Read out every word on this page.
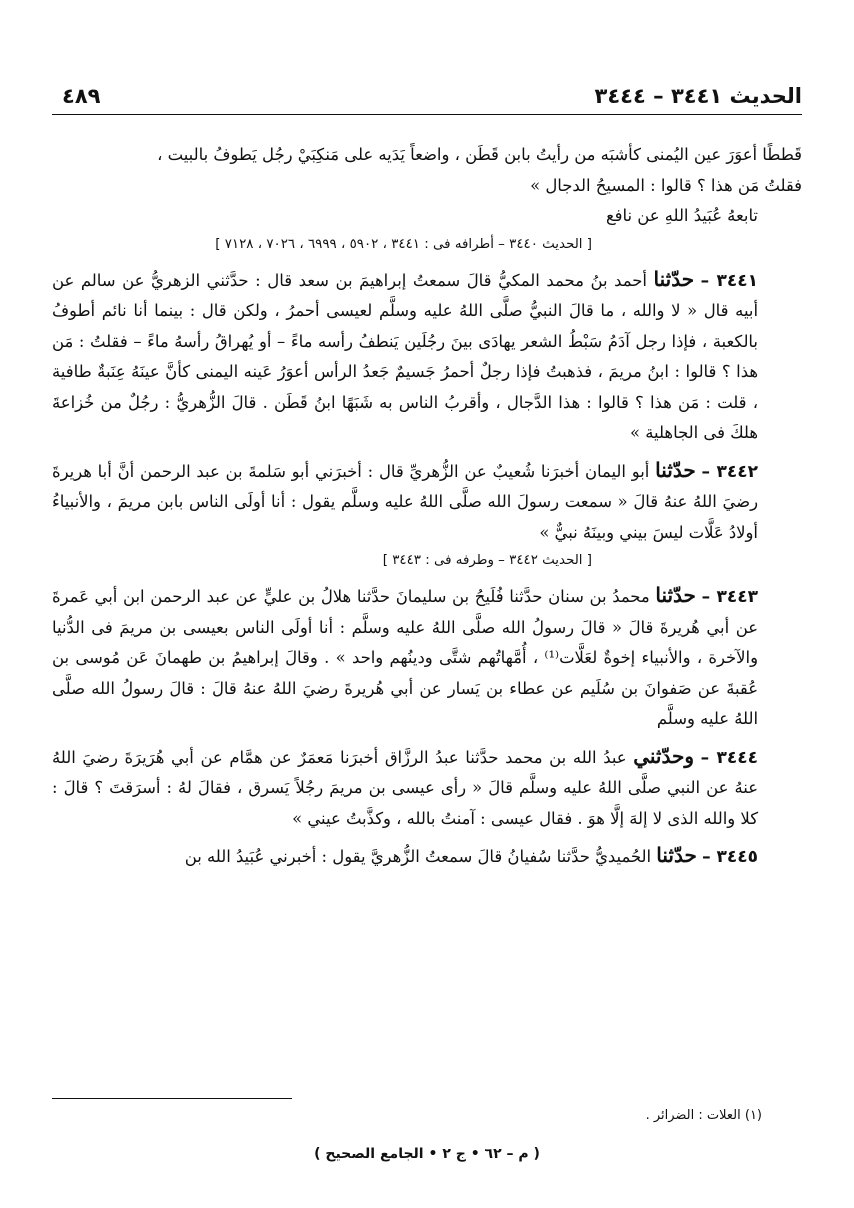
الحديث ٣٤٤١ – ٣٤٤٤
٤٨٩

قَططًا أعوَرَ عين اليُمنى كأشبَه من رأيتُ بابن قَطَن ، واضعاً يَدَيه على مَنكِبَيْ رجُل يَطوفُ بالبيت ،

فقلتُ مَن هذا ؟ قالوا : المسيحُ الدجال »

تابعهُ عُبَيدُ اللهِ عن نافع

[ الحديث ٣٤٤٠ – أطرافه فى : ٣٤٤١ ، ٥٩٠٢ ، ٦٩٩٩ ، ٧٠٢٦ ، ٧١٢٨ ]

٣٤٤١ – حدّثنا أحمد بنُ محمد المكيُّ قالَ سمعتُ إبراهيمَ بن سعد قال : حدَّثني الزهريُّ عن سالم عن أبيه قال « لا والله ، ما قالَ النبيُّ صلَّى اللهُ عليه وسلَّم لعيسى أحمرُ ، ولكن قال : بينما أنا نائم أطوفُ بالكعبة ، فإذا رجل آدَمُ سَبْطُ الشعر يهادَى بينَ رجُلَين يَنطفُ رأسه ماءً – أو يُهراقُ رأسهُ ماءً – فقلتُ : مَن هذا ؟ قالوا : ابنُ مريمَ ، فذهبتُ فإذا رجلٌ أحمرُ جَسيمٌ جَعدُ الرأس أعوَرُ عَينه اليمنى كأنَّ عينَهُ عِنَبةٌ طافية ، قلت : مَن هذا ؟ قالوا : هذا الدَّجال ، وأقربُ الناس به شَبَهًا ابنُ قَطَن . قالَ الزُّهريُّ : رجُلٌ من خُزاعةَ هلكَ فى الجاهلية »

٣٤٤٢ – حدّثنا أبو اليمان أخبرَنا شُعيبٌ عن الزُّهريِّ قال : أخبرَني أبو سَلمةَ بن عبد الرحمن أنَّ أبا هريرةَ رضيَ اللهُ عنهُ قالَ « سمعت رسولَ الله صلَّى اللهُ عليه وسلَّم يقول : أنا أولَى الناس بابن مريمَ ، والأنبياءُ أولادُ عَلَّات ليسَ بيني وبينَهُ نبيٌّ »

[ الحديث ٣٤٤٢ – وطرفه فى : ٣٤٤٣ ]

٣٤٤٣ – حدّثنا محمدُ بن سنان حدَّثنا فُلَيحُ بن سليمانَ حدَّثنا هلالُ بن عليٍّ عن عبد الرحمن ابن أبي عَمرةَ عن أبي هُريرةَ قالَ « قالَ رسولُ الله صلَّى اللهُ عليه وسلَّم : أنا أولَى الناس بعيسى بن مريمَ فى الدُّنيا والآخرة ، والأنبياء إخوةٌ لعَلَّات⁽¹⁾ ، أُمَّهاتُهم شتَّى ودينُهم واحد » . وقالَ إبراهيمُ بن طهمانَ عَن مُوسى بن عُقبةَ عن صَفوانَ بن سُلَيم عن عطاء بن يَسار عن أبي هُريرةَ رضيَ اللهُ عنهُ قالَ : قالَ رسولُ الله صلَّى اللهُ عليه وسلَّم

٣٤٤٤ – وحدّثني عبدُ الله بن محمد حدَّثنا عبدُ الرزَّاق أخبرَنا مَعمَرٌ عن همَّام عن أبي هُرَيرَةَ رضيَ اللهُ عنهُ عن النبي صلَّى اللهُ عليه وسلَّم قالَ « رأى عيسى بن مريمَ رجُلاً يَسرق ، فقالَ لهُ : أسرَقتَ ؟ قالَ : كلا والله الذى لا إلهَ إلَّا هوَ . فقال عيسى : آمنتُ بالله ، وكذَّبتُ عيني »

٣٤٤٥ – حدّثنا الحُميديُّ حدَّثنا سُفيانُ قالَ سمعتُ الزُّهريَّ يقول : أخبرني عُبَيدُ الله بن

(١) العلات : الضرائر .
( م – ٦٢ • ج ٢ • الجامع الصحيح )
